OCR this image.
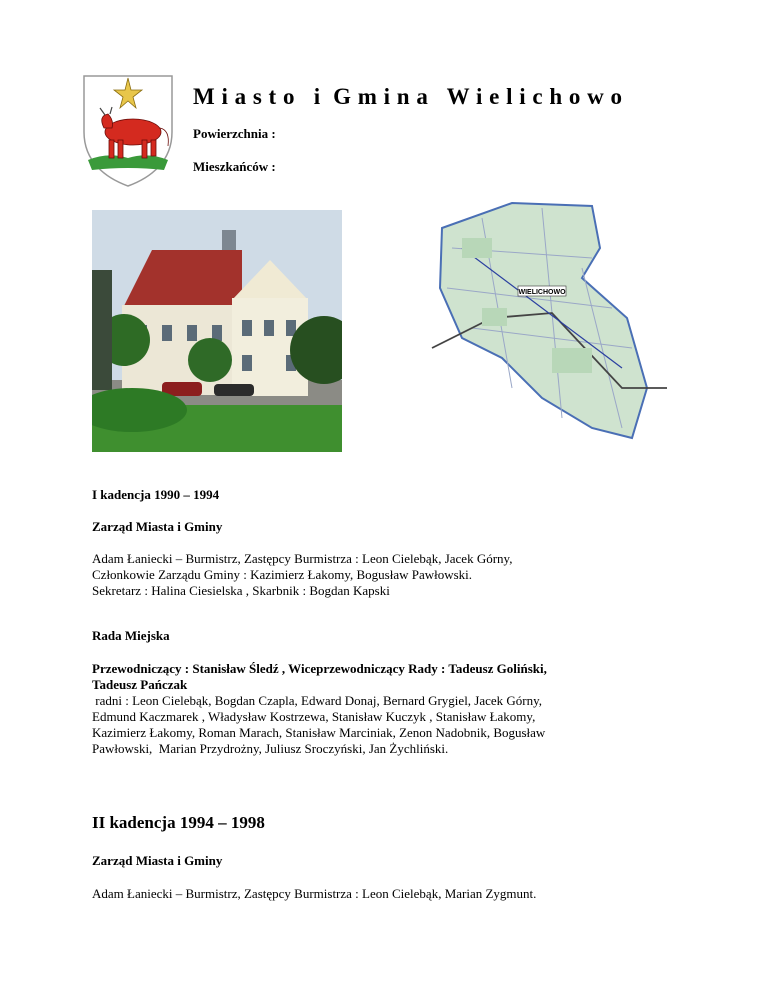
M i a s t o   i  G m i n a   W i e l i c h o w o
Powierzchnia :
Mieszkańców :
WIELICHOWO
I kadencja 1990 – 1994
Zarząd Miasta i Gminy
Adam Łaniecki – Burmistrz, Zastępcy Burmistrza : Leon Cielebąk, Jacek Górny,
Członkowie Zarządu Gminy : Kazimierz Łakomy, Bogusław Pawłowski.
Sekretarz : Halina Ciesielska , Skarbnik : Bogdan Kapski
Rada Miejska
Przewodniczący : Stanisław Śledź , Wiceprzewodniczący Rady : Tadeusz Goliński,
Tadeusz Pańczak
radni : Leon Cielebąk, Bogdan Czapla, Edward Donaj, Bernard Grygiel, Jacek Górny,
Edmund Kaczmarek , Władysław Kostrzewa, Stanisław Kuczyk , Stanisław Łakomy,
Kazimierz Łakomy, Roman Marach, Stanisław Marciniak, Zenon Nadobnik, Bogusław
Pawłowski,  Marian Przydrożny, Juliusz Sroczyński, Jan Żychliński.
II kadencja 1994 – 1998
Zarząd Miasta i Gminy
Adam Łaniecki – Burmistrz, Zastępcy Burmistrza : Leon Cielebąk, Marian Zygmunt.
